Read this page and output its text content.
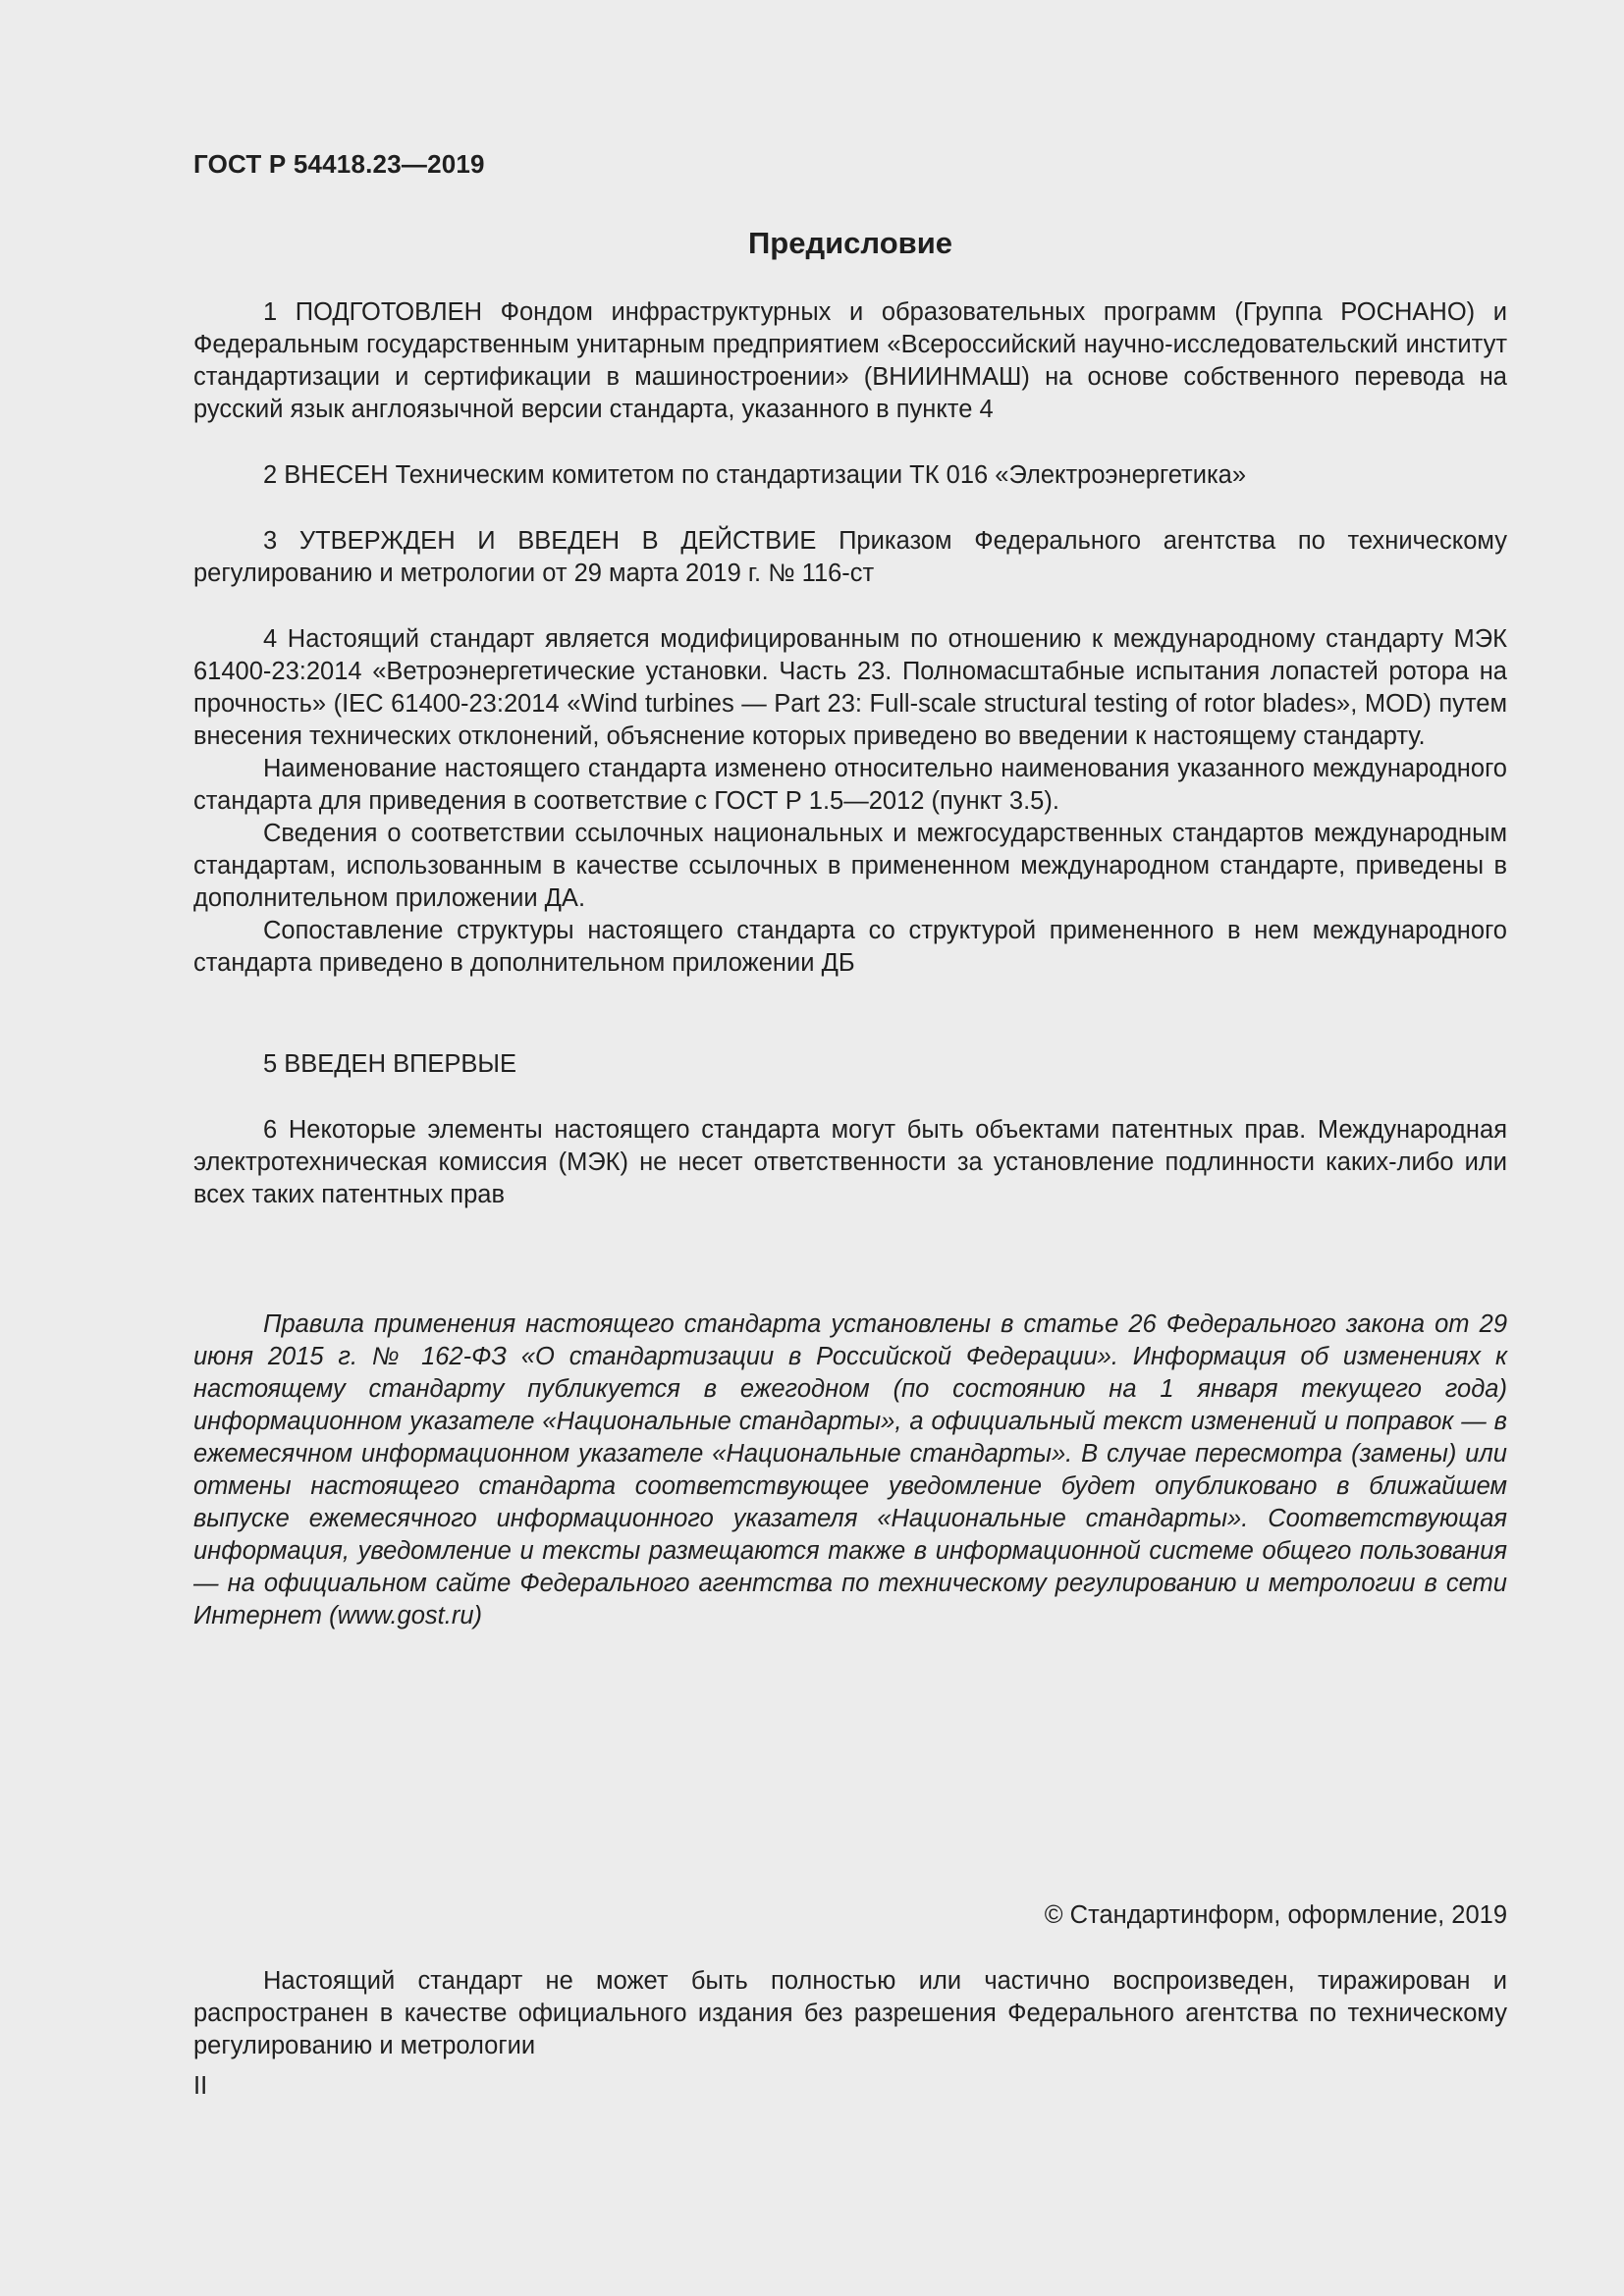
ГОСТ Р 54418.23—2019
Предисловие

1 ПОДГОТОВЛЕН Фондом инфраструктурных и образовательных программ (Группа РОСНАНО) и Федеральным государственным унитарным предприятием «Всероссийский научно-исследовательский институт стандартизации и сертификации в машиностроении» (ВНИИНМАШ) на основе собственного перевода на русский язык англоязычной версии стандарта, указанного в пункте 4

2 ВНЕСЕН Техническим комитетом по стандартизации ТК 016 «Электроэнергетика»

3 УТВЕРЖДЕН И ВВЕДЕН В ДЕЙСТВИЕ Приказом Федерального агентства по техническому регулированию и метрологии от 29 марта 2019 г. № 116-ст

4 Настоящий стандарт является модифицированным по отношению к международному стандарту МЭК 61400-23:2014 «Ветроэнергетические установки. Часть 23. Полномасштабные испытания лопастей ротора на прочность» (IEC 61400-23:2014 «Wind turbines — Part 23: Full-scale structural testing of rotor blades», MOD) путем внесения технических отклонений, объяснение которых приведено во введении к настоящему стандарту.

Наименование настоящего стандарта изменено относительно наименования указанного международного стандарта для приведения в соответствие с ГОСТ Р 1.5—2012 (пункт 3.5).

Сведения о соответствии ссылочных национальных и межгосударственных стандартов международным стандартам, использованным в качестве ссылочных в примененном международном стандарте, приведены в дополнительном приложении ДА.

Сопоставление структуры настоящего стандарта со структурой примененного в нем международного стандарта приведено в дополнительном приложении ДБ

5 ВВЕДЕН ВПЕРВЫЕ

6 Некоторые элементы настоящего стандарта могут быть объектами патентных прав. Международная электротехническая комиссия (МЭК) не несет ответственности за установление подлинности каких-либо или всех таких патентных прав

Правила применения настоящего стандарта установлены в статье 26 Федерального закона от 29 июня 2015 г. № 162-ФЗ «О стандартизации в Российской Федерации». Информация об изменениях к настоящему стандарту публикуется в ежегодном (по состоянию на 1 января текущего года) информационном указателе «Национальные стандарты», а официальный текст изменений и поправок — в ежемесячном информационном указателе «Национальные стандарты». В случае пересмотра (замены) или отмены настоящего стандарта соответствующее уведомление будет опубликовано в ближайшем выпуске ежемесячного информационного указателя «Национальные стандарты». Соответствующая информация, уведомление и тексты размещаются также в информационной системе общего пользования — на официальном сайте Федерального агентства по техническому регулированию и метрологии в сети Интернет (www.gost.ru)

© Стандартинформ, оформление, 2019

Настоящий стандарт не может быть полностью или частично воспроизведен, тиражирован и распространен в качестве официального издания без разрешения Федерального агентства по техническому регулированию и метрологии

II
